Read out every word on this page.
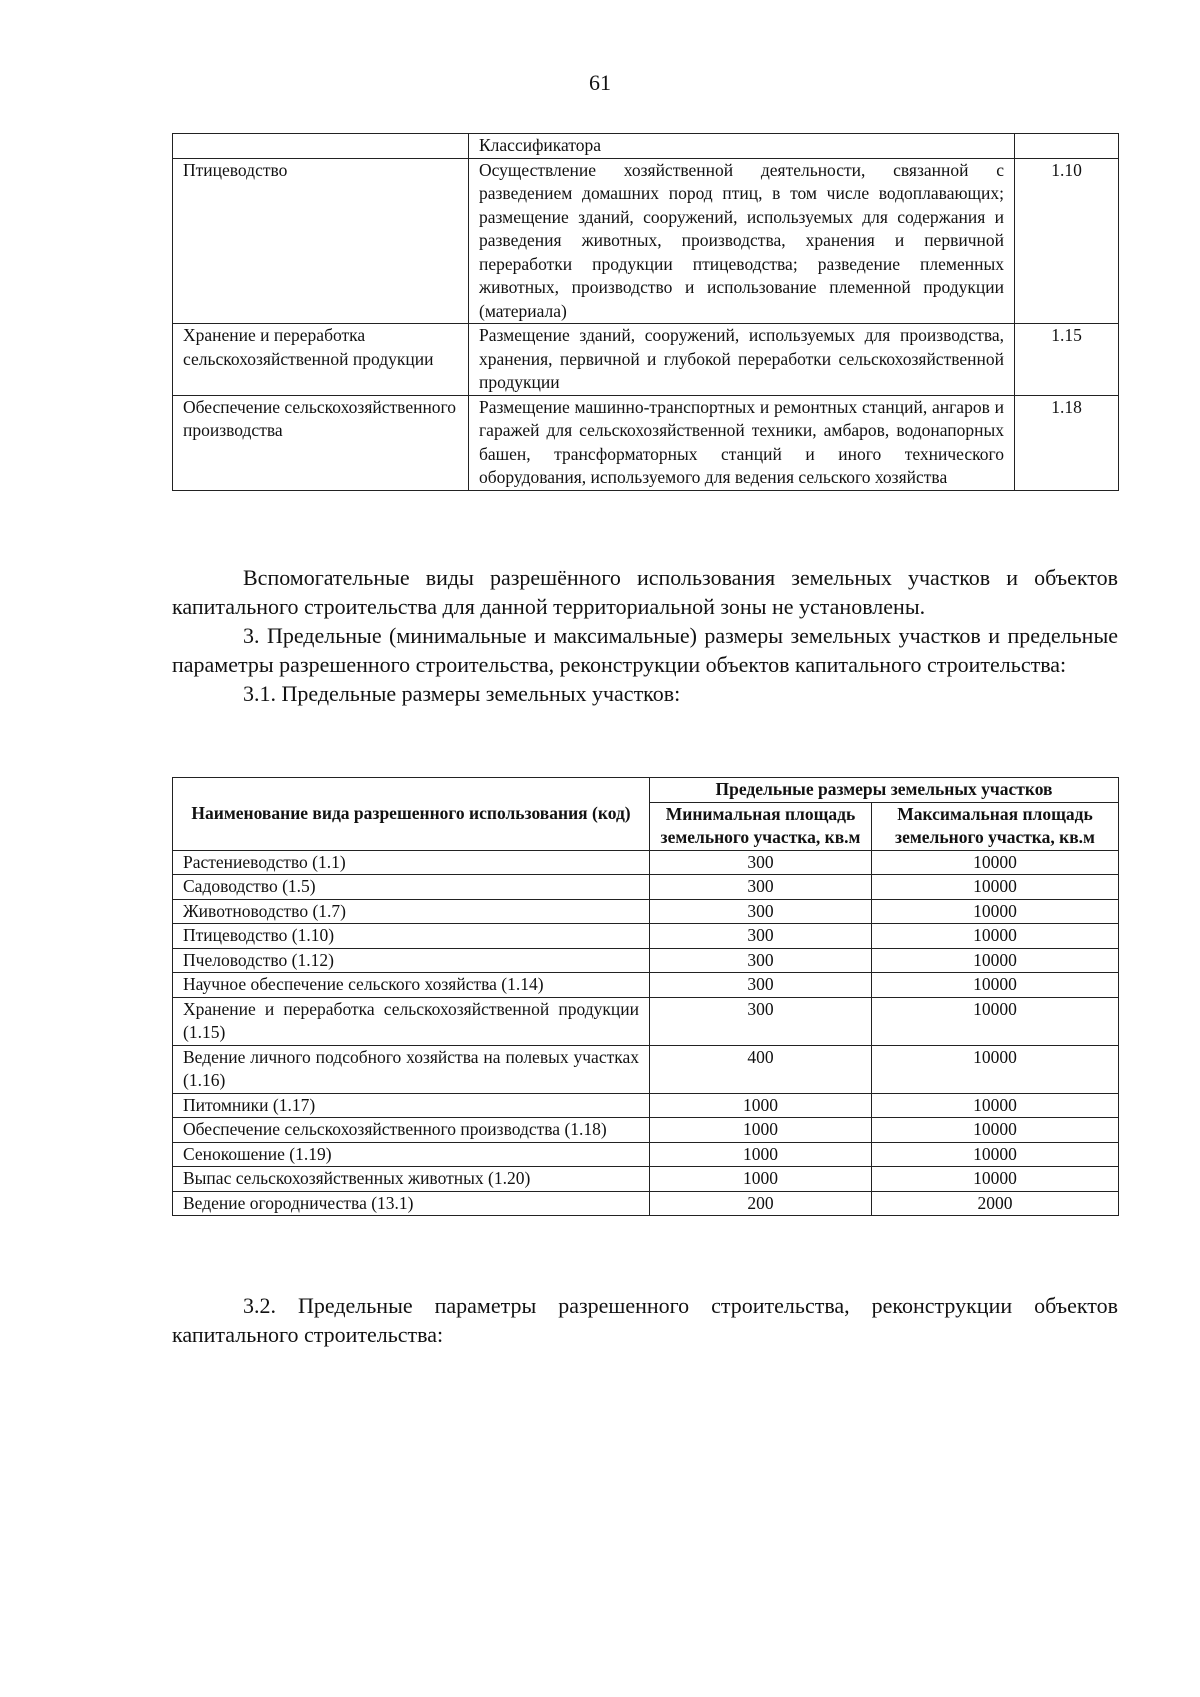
61
	Классификатора	
Птицеводство	Осуществление хозяйственной деятельности, связанной с разведением домашних пород птиц, в том числе водоплавающих; размещение зданий, сооружений, используемых для содержания и разведения животных, производства, хранения и первичной переработки продукции птицеводства; разведение племенных животных, производство и использование племенной продукции (материала)	1.10
Хранение и переработка сельскохозяйственной продукции	Размещение зданий, сооружений, используемых для производства, хранения, первичной и глубокой переработки сельскохозяйственной продукции	1.15
Обеспечение сельскохозяйственного производства	Размещение машинно-транспортных и ремонтных станций, ангаров и гаражей для сельскохозяйственной техники, амбаров, водонапорных башен, трансформаторных станций и иного технического оборудования, используемого для ведения сельского хозяйства	1.18

Вспомогательные виды разрешённого использования земельных участков и объектов капитального строительства для данной территориальной зоны не установлены.

3. Предельные (минимальные и максимальные) размеры земельных участков и предельные параметры разрешенного строительства, реконструкции объектов капитального строительства:

3.1. Предельные размеры земельных участков:

Наименование вида разрешенного использования (код)	Предельные размеры земельных участков	
	Минимальная площадь земельного участка, кв.м	Максимальная площадь земельного участка, кв.м
Растениеводство (1.1)	300	10000
Садоводство (1.5)	300	10000
Животноводство (1.7)	300	10000
Птицеводство (1.10)	300	10000
Пчеловодство (1.12)	300	10000
Научное обеспечение сельского хозяйства (1.14)	300	10000
Хранение и переработка сельскохозяйственной продукции (1.15)	300	10000
Ведение личного подсобного хозяйства на полевых участках (1.16)	400	10000
Питомники (1.17)	1000	10000
Обеспечение сельскохозяйственного производства (1.18)	1000	10000
Сенокошение (1.19)	1000	10000
Выпас сельскохозяйственных животных (1.20)	1000	10000
Ведение огородничества (13.1)	200	2000

3.2. Предельные параметры разрешенного строительства, реконструкции объектов капитального строительства:
